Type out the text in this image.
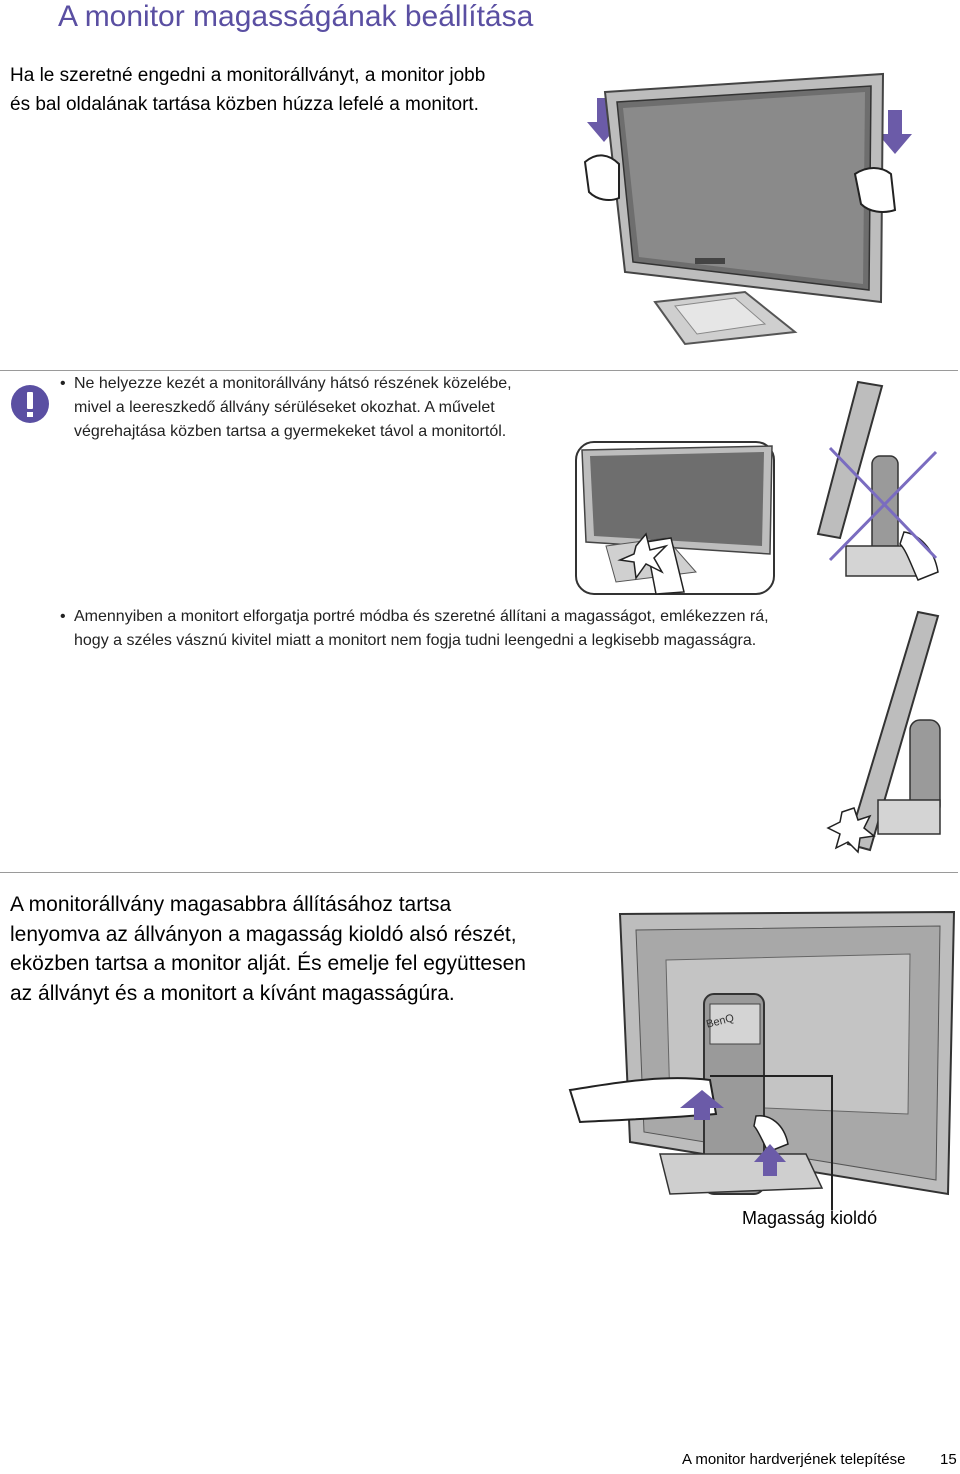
A monitor magasságának beállítása
Ha le szeretné engedni a monitorállványt, a monitor jobb és bal oldalának tartása közben húzza lefelé a monitort.
• Ne helyezze kezét a monitorállvány hátsó részének közelébe, mivel a leereszkedő állvány sérüléseket okozhat. A művelet végrehajtása közben tartsa a gyermekeket távol a monitortól.
• Amennyiben a monitort elforgatja portré módba és szeretné állítani a magasságot, emlékezzen rá, hogy a széles vásznú kivitel miatt a monitort nem fogja tudni leengedni a legkisebb magasságra.
A monitorállvány magasabbra állításához tartsa lenyomva az állványon a magasság kioldó alsó részét, eközben tartsa a monitor alját. És emelje fel együttesen az állványt és a monitort a kívánt magasságúra.
BenQ
Magasság kioldó
A monitor hardverjének telepítése 15
